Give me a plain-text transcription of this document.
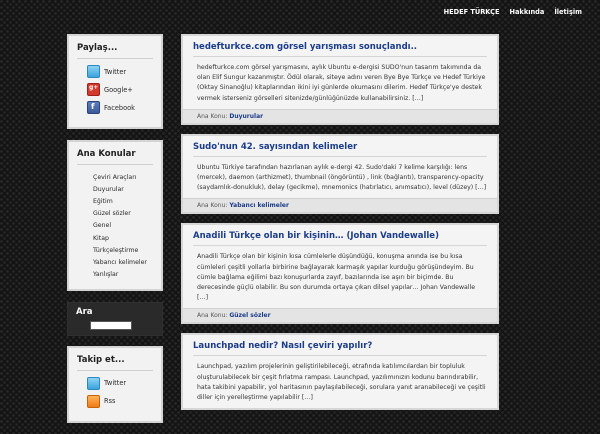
HEDEF TÜRKÇE Hakkında İletişim
Paylaş...
Twitter
g+
Google+
f
Facebook
Ana Konular
Çeviri Araçları
Duyurular
Eğitim
Güzel sözler
Genel
Kitap
Türkçeleştirme
Yabancı kelimeler
Yanlışlar
Ara
Takip et...
Twitter
Rss
hedefturkce.com görsel yarışması sonuçlandı..

hedefturkce.com görsel yarışmasını, aylık Ubuntu e-dergisi SUDO'nun tasarım takımında da olan Elif Sungur kazanmıştır. Ödül olarak, siteye adını veren Bye Bye Türkçe ve Hedef Türkiye (Oktay Sinanoğlu) kitaplarından ikini iyi günlerde okumasını dilerim. Hedef Türkçe'ye destek vermek isterseniz görselleri sitenizde/günlüğünüzde kullanabilirsiniz. […]

Ana Konu: Duyurular
Sudo'nun 42. sayısından kelimeler

Ubuntu Türkiye tarafından hazırlanan aylık e-dergi 42. Sudo'daki 7 kelime karşılığı: lens (mercek), daemon (arthizmet), thumbnail (öngörüntü) , link (bağlantı), transparency-opacity (saydamlık-donukluk), delay (gecikme), mnemonics (hatırlatıcı, anımsatıcı), level (düzey) […]

Ana Konu: Yabancı kelimeler
Anadili Türkçe olan bir kişinin… (Johan Vandewalle)

Anadili Türkçe olan bir kişinin kısa cümlelerle düşündüğü, konuşma anında ise bu kısa cümleleri çeşitli yollarla birbirine bağlayarak karmaşık yapılar kurduğu görüşündeyim. Bu cümle bağlama eğilimi bazı konuşurlarda zayıf, bazılarında ise aşırı bir biçimde. Bu derecesinde güçlü olabilir. Bu son durumda ortaya çıkan dilsel yapılar… Johan Vandewalle […]

Ana Konu: Güzel sözler
Launchpad nedir? Nasıl çeviri yapılır?

Launchpad, yazılım projelerinin geliştirilebileceği, etrafında katılımcılardan bir topluluk oluşturulabilecek bir çeşit fırlatma rampası. Launchpad, yazılımınızın kodunu barındırabilir, hata takibini yapabilir, yol haritasının paylaşılabileceği, sorulara yanıt aranabileceği ve çeşitli diller için yerelleştirme yapılabilir […]
